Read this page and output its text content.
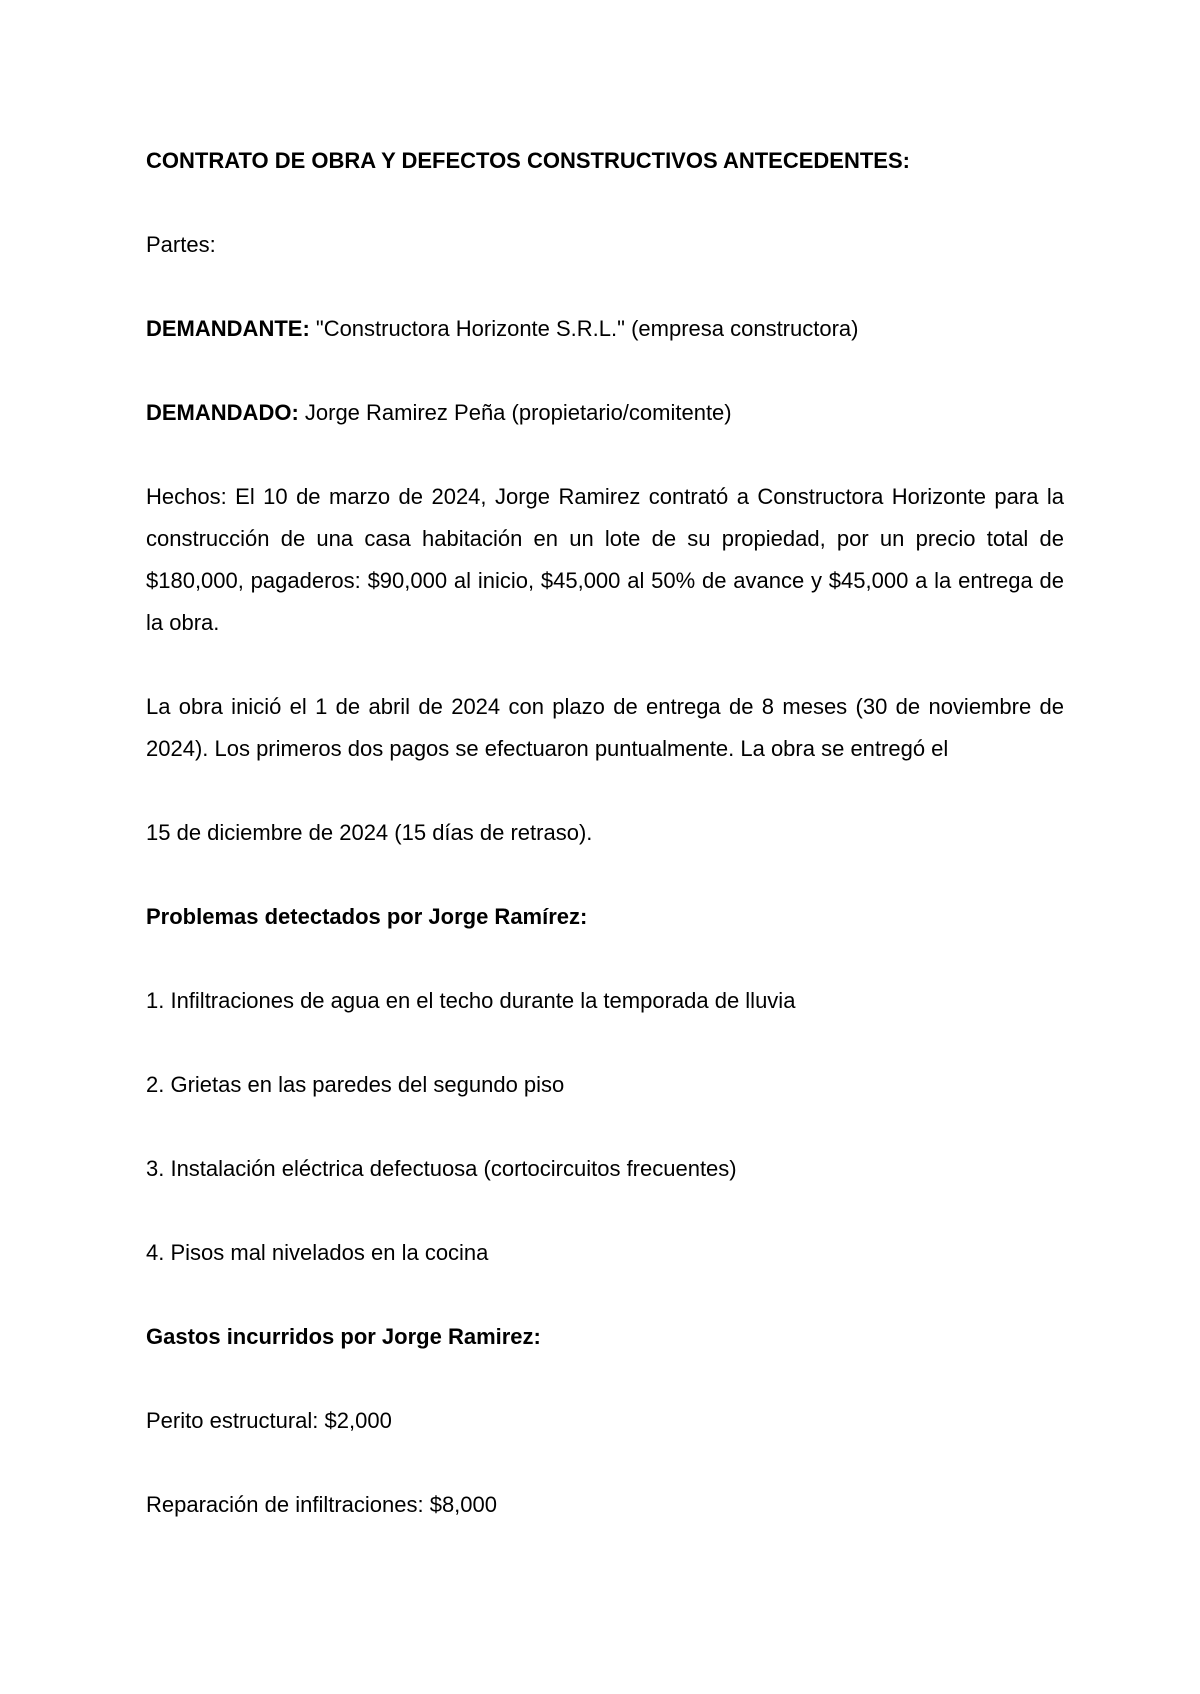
CONTRATO DE OBRA Y DEFECTOS CONSTRUCTIVOS ANTECEDENTES:

Partes:

DEMANDANTE: "Constructora Horizonte S.R.L." (empresa constructora)

DEMANDADO: Jorge Ramirez Peña (propietario/comitente)

Hechos: El 10 de marzo de 2024, Jorge Ramirez contrató a Constructora Horizonte para la construcción de una casa habitación en un lote de su propiedad, por un precio total de $180,000, pagaderos: $90,000 al inicio, $45,000 al 50% de avance y $45,000 a la entrega de la obra.

La obra inició el 1 de abril de 2024 con plazo de entrega de 8 meses (30 de noviembre de 2024). Los primeros dos pagos se efectuaron puntualmente. La obra se entregó el

15 de diciembre de 2024 (15 días de retraso).

Problemas detectados por Jorge Ramírez:

1. Infiltraciones de agua en el techo durante la temporada de lluvia

2. Grietas en las paredes del segundo piso

3. Instalación eléctrica defectuosa (cortocircuitos frecuentes)

4. Pisos mal nivelados en la cocina

Gastos incurridos por Jorge Ramirez:

Perito estructural: $2,000

Reparación de infiltraciones: $8,000
